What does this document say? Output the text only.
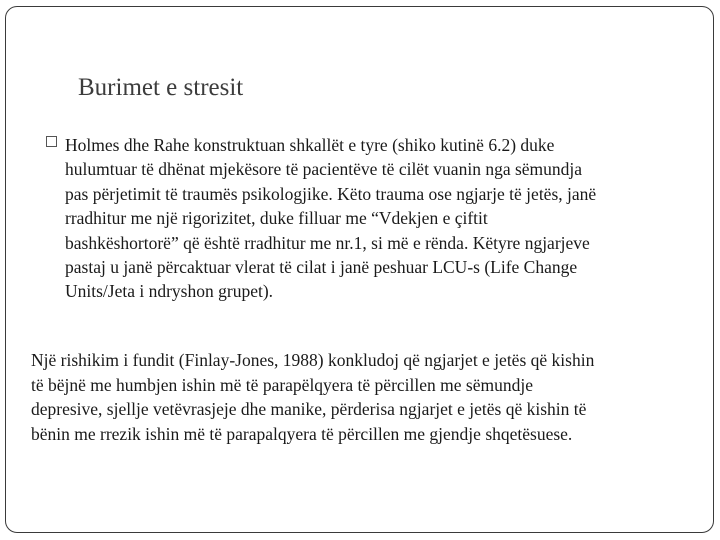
Burimet e stresit

Holmes dhe Rahe konstruktuan shkallët e tyre (shiko kutinë 6.2) duke
hulumtuar të dhënat mjekësore të pacientëve të cilët vuanin nga sëmundja
pas përjetimit të traumës psikologjike. Këto trauma ose ngjarje të jetës, janë
rradhitur me një rigorizitet, duke filluar me “Vdekjen e çiftit
bashkëshortorë” që është rradhitur me nr.1, si më e rënda. Këtyre ngjarjeve
pastaj u janë përcaktuar vlerat të cilat i janë peshuar LCU-s (Life Change
Units/Jeta i ndryshon grupet).

Një rishikim i fundit (Finlay-Jones, 1988) konkludoj që ngjarjet e jetës që kishin
të bëjnë me humbjen ishin më të parapëlqyera të përcillen me sëmundje
depresive, sjellje vetëvrasjeje dhe manike, përderisa ngjarjet e jetës që kishin të
bënin me rrezik ishin më të parapalqyera të përcillen me gjendje shqetësuese.
